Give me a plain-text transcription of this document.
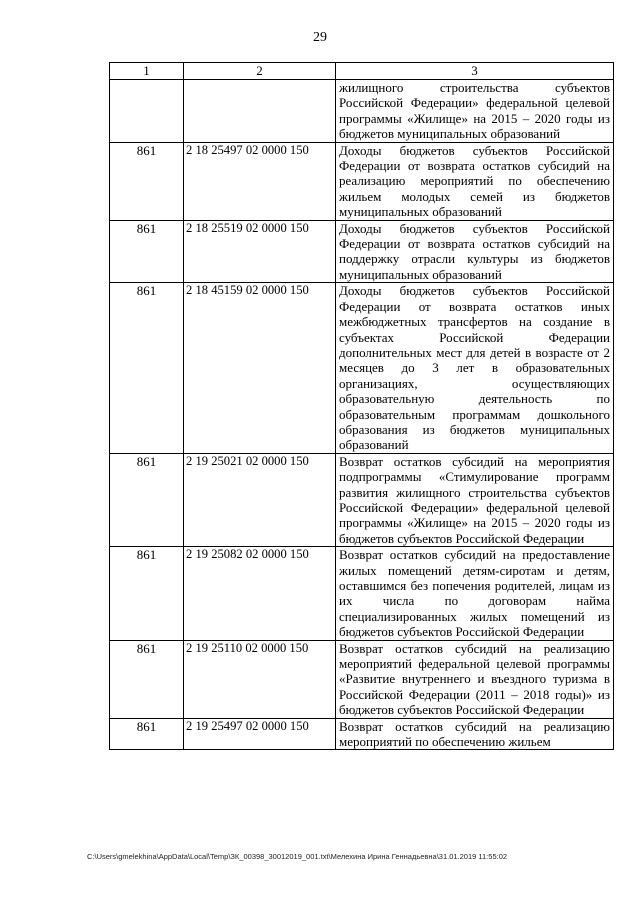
29
1	2	3
		жилищного строительства субъектов Российской Федерации» федеральной целевой программы «Жилище» на 2015 – 2020 годы из бюджетов муниципальных образований
861	2 18 25497 02 0000 150	Доходы бюджетов субъектов Российской Федерации от возврата остатков субсидий на реализацию мероприятий по обеспечению жильем молодых семей из бюджетов муниципальных образований
861	2 18 25519 02 0000 150	Доходы бюджетов субъектов Российской Федерации от возврата остатков субсидий на поддержку отрасли культуры из бюджетов муниципальных образований
861	2 18 45159 02 0000 150	Доходы бюджетов субъектов Российской Федерации от возврата остатков иных межбюджетных трансфертов на создание в субъектах Российской Федерации дополнительных мест для детей в возрасте от 2 месяцев до 3 лет в образовательных организациях, осуществляющих образовательную деятельность по образовательным программам дошкольного образования из бюджетов муниципальных образований
861	2 19 25021 02 0000 150	Возврат остатков субсидий на мероприятия подпрограммы «Стимулирование программ развития жилищного строительства субъектов Российской Федерации» федеральной целевой программы «Жилище» на 2015 – 2020 годы из бюджетов субъектов Российской Федерации
861	2 19 25082 02 0000 150	Возврат остатков субсидий на предоставление жилых помещений детям-сиротам и детям, оставшимся без попечения родителей, лицам из их числа по договорам найма специализированных жилых помещений из бюджетов субъектов Российской Федерации
861	2 19 25110 02 0000 150	Возврат остатков субсидий на реализацию мероприятий федеральной целевой программы «Развитие внутреннего и въездного туризма в Российской Федерации (2011 – 2018 годы)» из бюджетов субъектов Российской Федерации
861	2 19 25497 02 0000 150	Возврат остатков субсидий на реализацию мероприятий по обеспечению жильем
C:\Users\gmelekhina\AppData\Local\Temp\ЗК_00398_30012019_001.txt\Мелехина Ирина Геннадьевна\31.01.2019 11:55:02
